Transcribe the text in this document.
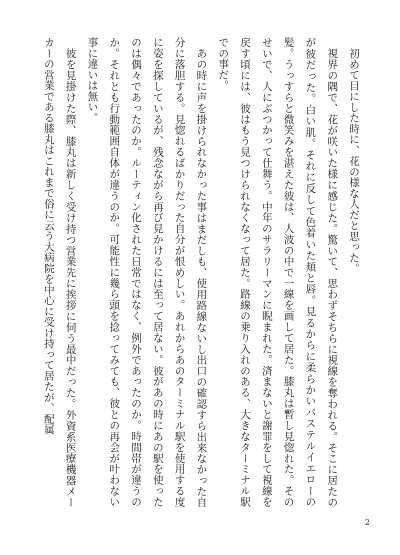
初めて目にした時に、花の様な人だと思った。

視界の隅で、花が咲いた様に感じた。驚いて、思わずそちらに視線を奪われる。そこに居たのが彼だった。白い肌。それに反して色着いた頬と唇。見るからに柔らかいパステルイエローの髪。うっすらと微笑みを湛えた彼は、人波の中で一線を画して居た。膝丸は暫し見惚れた。そのせいで、人にぶつかって仕舞う。中年のサラリーマンに睨まれた。済まないと謝罪をして視線を戻す頃には、彼はもう見つけられなくなって居た。路線の乗り入れのある、大きなターミナル駅での事だ。

あの時に声を掛けられなかった事はまだしも、使用路線ないし出口の確認すら出来なかった自分に落胆する。見惚れるばかりだった自分が恨めしい。あれからあのターミナル駅を使用する度に姿を探しているが、残念ながら再び見かけるには至って居ない。彼があの時にあの駅を使ったのは偶々であったのか。ルーティン化された日常ではなく、例外であったのか。時間帯が違うのか。それとも行動範囲自体が違うのか。可能性に幾ら頭を捻ってみても、彼との再会が叶わない事に違いは無い。

彼を見掛けた際、膝丸は新しく受け持つ営業先に挨拶に伺う最中だった。外資系医療機器メーカーの営業である膝丸はこれまで俗に云う大病院を中心に受け持って居たが、配属

2
